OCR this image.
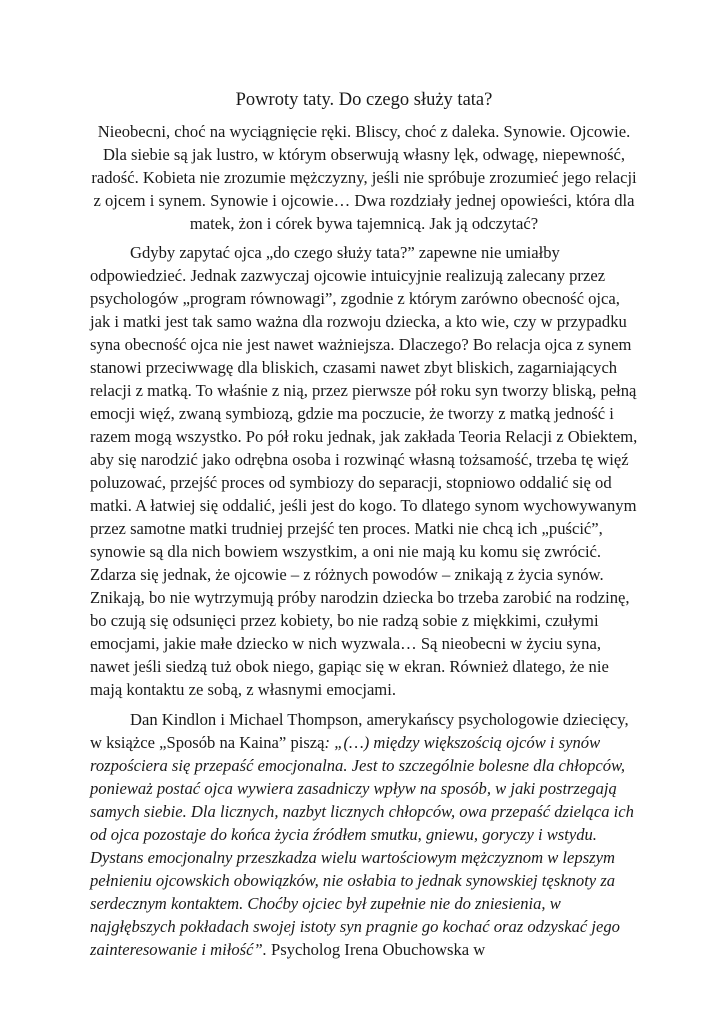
Powroty taty. Do czego służy tata?

Nieobecni, choć na wyciągnięcie ręki. Bliscy, choć z daleka. Synowie. Ojcowie. Dla siebie są jak lustro, w którym obserwują własny lęk, odwagę, niepewność, radość. Kobieta nie zrozumie mężczyzny, jeśli nie spróbuje zrozumieć jego relacji z ojcem i synem. Synowie i ojcowie… Dwa rozdziały jednej opowieści, która dla matek, żon i córek bywa tajemnicą. Jak ją odczytać?

Gdyby zapytać ojca „do czego służy tata?” zapewne nie umiałby odpowiedzieć. Jednak zazwyczaj ojcowie intuicyjnie realizują zalecany przez psychologów „program równowagi”, zgodnie z którym zarówno obecność ojca, jak i matki jest tak samo ważna dla rozwoju dziecka, a kto wie, czy w przypadku syna obecność ojca nie jest nawet ważniejsza. Dlaczego? Bo relacja ojca z synem stanowi przeciwwagę dla bliskich, czasami nawet zbyt bliskich, zagarniających relacji z matką. To właśnie z nią, przez pierwsze pół roku syn tworzy bliską, pełną emocji więź, zwaną symbiozą, gdzie ma poczucie, że tworzy z matką jedność i razem mogą wszystko. Po pół roku jednak, jak zakłada Teoria Relacji z Obiektem, aby się narodzić jako odrębna osoba i rozwinąć własną tożsamość, trzeba tę więź poluzować, przejść proces od symbiozy do separacji, stopniowo oddalić się od matki. A łatwiej się oddalić, jeśli jest do kogo. To dlatego synom wychowywanym przez samotne matki trudniej przejść ten proces. Matki nie chcą ich „puścić”, synowie są dla nich bowiem wszystkim, a oni nie mają ku komu się zwrócić. Zdarza się jednak, że ojcowie – z różnych powodów – znikają z życia synów. Znikają, bo nie wytrzymują próby narodzin dziecka bo trzeba zarobić na rodzinę, bo czują się odsunięci przez kobiety, bo nie radzą sobie z miękkimi, czułymi emocjami, jakie małe dziecko w nich wyzwala… Są nieobecni w życiu syna, nawet jeśli siedzą tuż obok niego, gapiąc się w ekran. Również dlatego, że nie mają kontaktu ze sobą, z własnymi emocjami.

Dan Kindlon i Michael Thompson, amerykańscy psychologowie dziecięcy, w książce „Sposób na Kaina” piszą: „(…) między większością ojców i synów rozpościera się przepaść emocjonalna. Jest to szczególnie bolesne dla chłopców, ponieważ postać ojca wywiera zasadniczy wpływ na sposób, w jaki postrzegają samych siebie. Dla licznych, nazbyt licznych chłopców, owa przepaść dzieląca ich od ojca pozostaje do końca życia źródłem smutku, gniewu, goryczy i wstydu. Dystans emocjonalny przeszkadza wielu wartościowym mężczyznom w lepszym pełnieniu ojcowskich obowiązków, nie osłabia to jednak synowskiej tęsknoty za serdecznym kontaktem. Choćby ojciec był zupełnie nie do zniesienia, w najgłębszych pokładach swojej istoty syn pragnie go kochać oraz odzyskać jego zainteresowanie i miłość”. Psycholog Irena Obuchowska w
